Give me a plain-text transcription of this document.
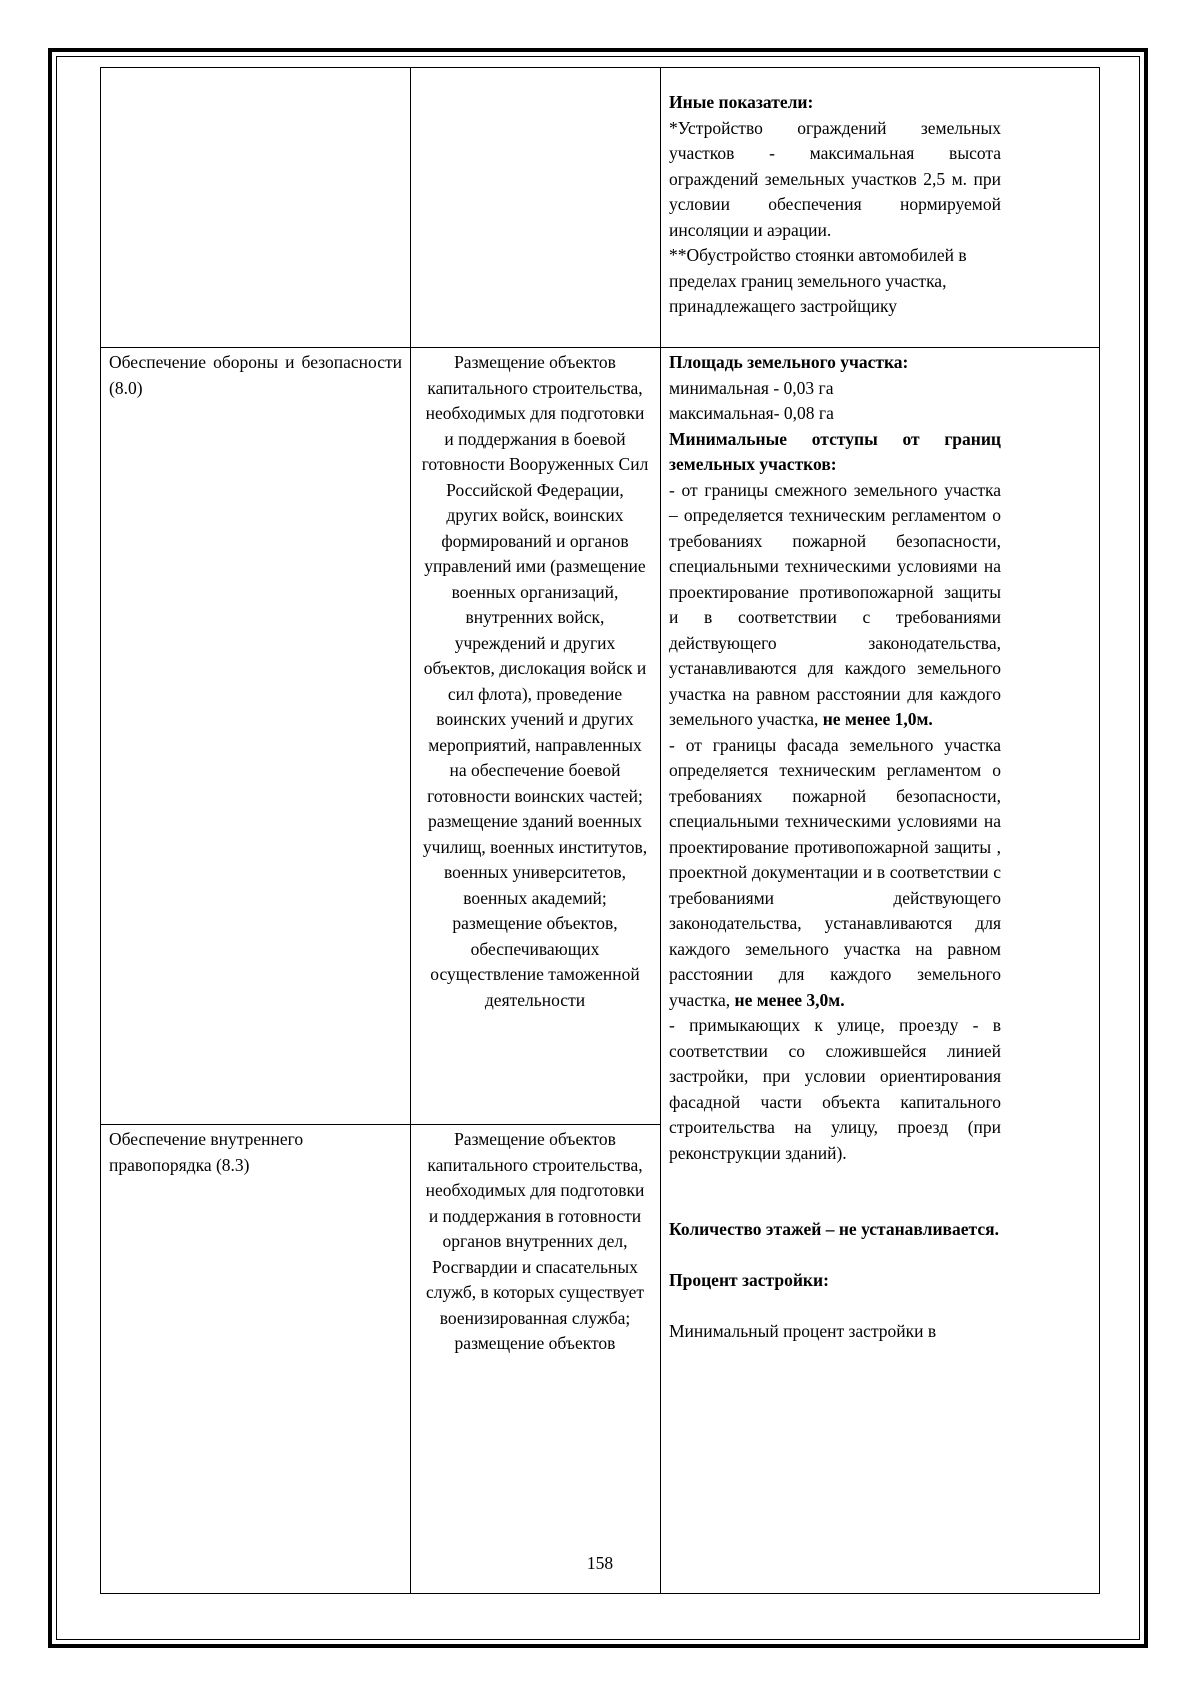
Иные показатели:

*Устройство ограждений земельных участков - максимальная высота ограждений земельных участков 2,5 м. при условии обеспечения нормируемой инсоляции и аэрации.

**Обустройство стоянки автомобилей в пределах границ земельного участка, принадлежащего застройщику

Обеспечение обороны и безопасности (8.0)

Размещение объектов капитального строительства, необходимых для подготовки и поддержания в боевой готовности Вооруженных Сил Российской Федерации, других войск, воинских формирований и органов управлений ими (размещение военных организаций, внутренних войск, учреждений и других объектов, дислокация войск и сил флота), проведение воинских учений и других мероприятий, направленных на обеспечение боевой готовности воинских частей; размещение зданий военных училищ, военных институтов, военных университетов, военных академий; размещение объектов, обеспечивающих осуществление таможенной деятельности

Обеспечение внутреннего правопорядка (8.3)

Размещение объектов капитального строительства, необходимых для подготовки и поддержания в готовности органов внутренних дел, Росгвардии и спасательных служб, в которых существует военизированная служба; размещение объектов

Площадь земельного участка:

минимальная - 0,03 га

максимальная- 0,08 га

Минимальные отступы от границ земельных участков:

- от границы смежного земельного участка – определяется техническим регламентом о требованиях пожарной безопасности, специальными техническими условиями на проектирование противопожарной защиты и в соответствии с требованиями действующего законодательства, устанавливаются для каждого земельного участка на равном расстоянии для каждого земельного участка, не менее 1,0м.

- от границы фасада земельного участка определяется техническим регламентом о требованиях пожарной безопасности, специальными техническими условиями на проектирование противопожарной защиты , проектной документации и в соответствии с требованиями действующего законодательства, устанавливаются для каждого земельного участка на равном расстоянии для каждого земельного участка, не менее 3,0м.

- примыкающих к улице, проезду - в соответствии со сложившейся линией застройки, при условии ориентирования фасадной части объекта капитального строительства на улицу, проезд (при реконструкции зданий).

Количество этажей – не устанавливается.

Процент застройки:

Минимальный процент застройки в

158
